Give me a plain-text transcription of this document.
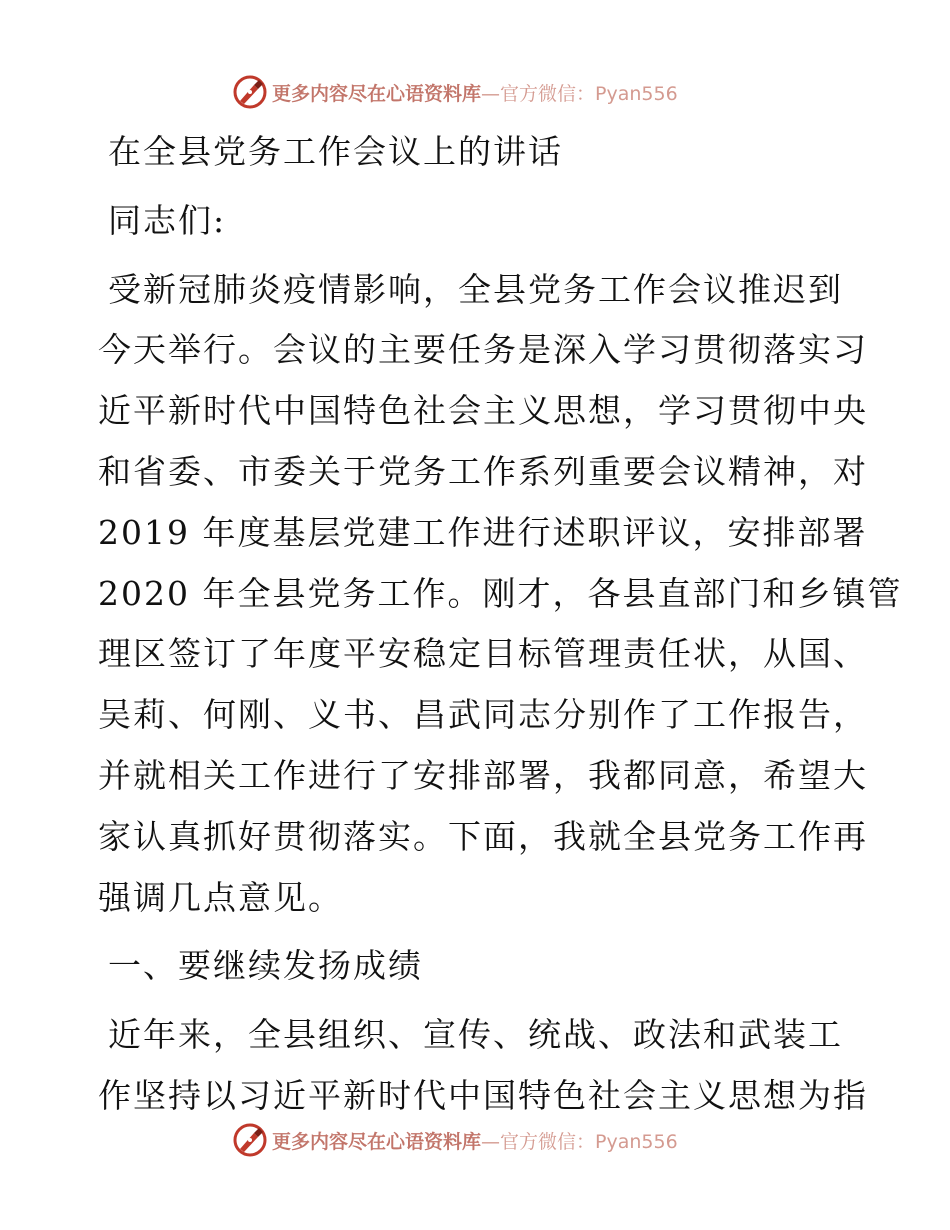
更多内容尽在心语资料库 —官方微信：Pyan556
在全县党务工作会议上的讲话
同志们:
受新冠肺炎疫情影响，全县党务工作会议推迟到
今天举行。会议的主要任务是深入学习贯彻落实习
近平新时代中国特色社会主义思想，学习贯彻中央
和省委、市委关于党务工作系列重要会议精神，对
2019 年度基层党建工作进行述职评议，安排部署
2020 年全县党务工作。刚才，各县直部门和乡镇管
理区签订了年度平安稳定目标管理责任状，从国、
吴莉、何刚、义书、昌武同志分别作了工作报告，
并就相关工作进行了安排部署，我都同意，希望大
家认真抓好贯彻落实。下面，我就全县党务工作再
强调几点意见。
一、要继续发扬成绩
近年来，全县组织、宣传、统战、政法和武装工
作坚持以习近平新时代中国特色社会主义思想为指
更多内容尽在心语资料库 —官方微信：Pyan556
